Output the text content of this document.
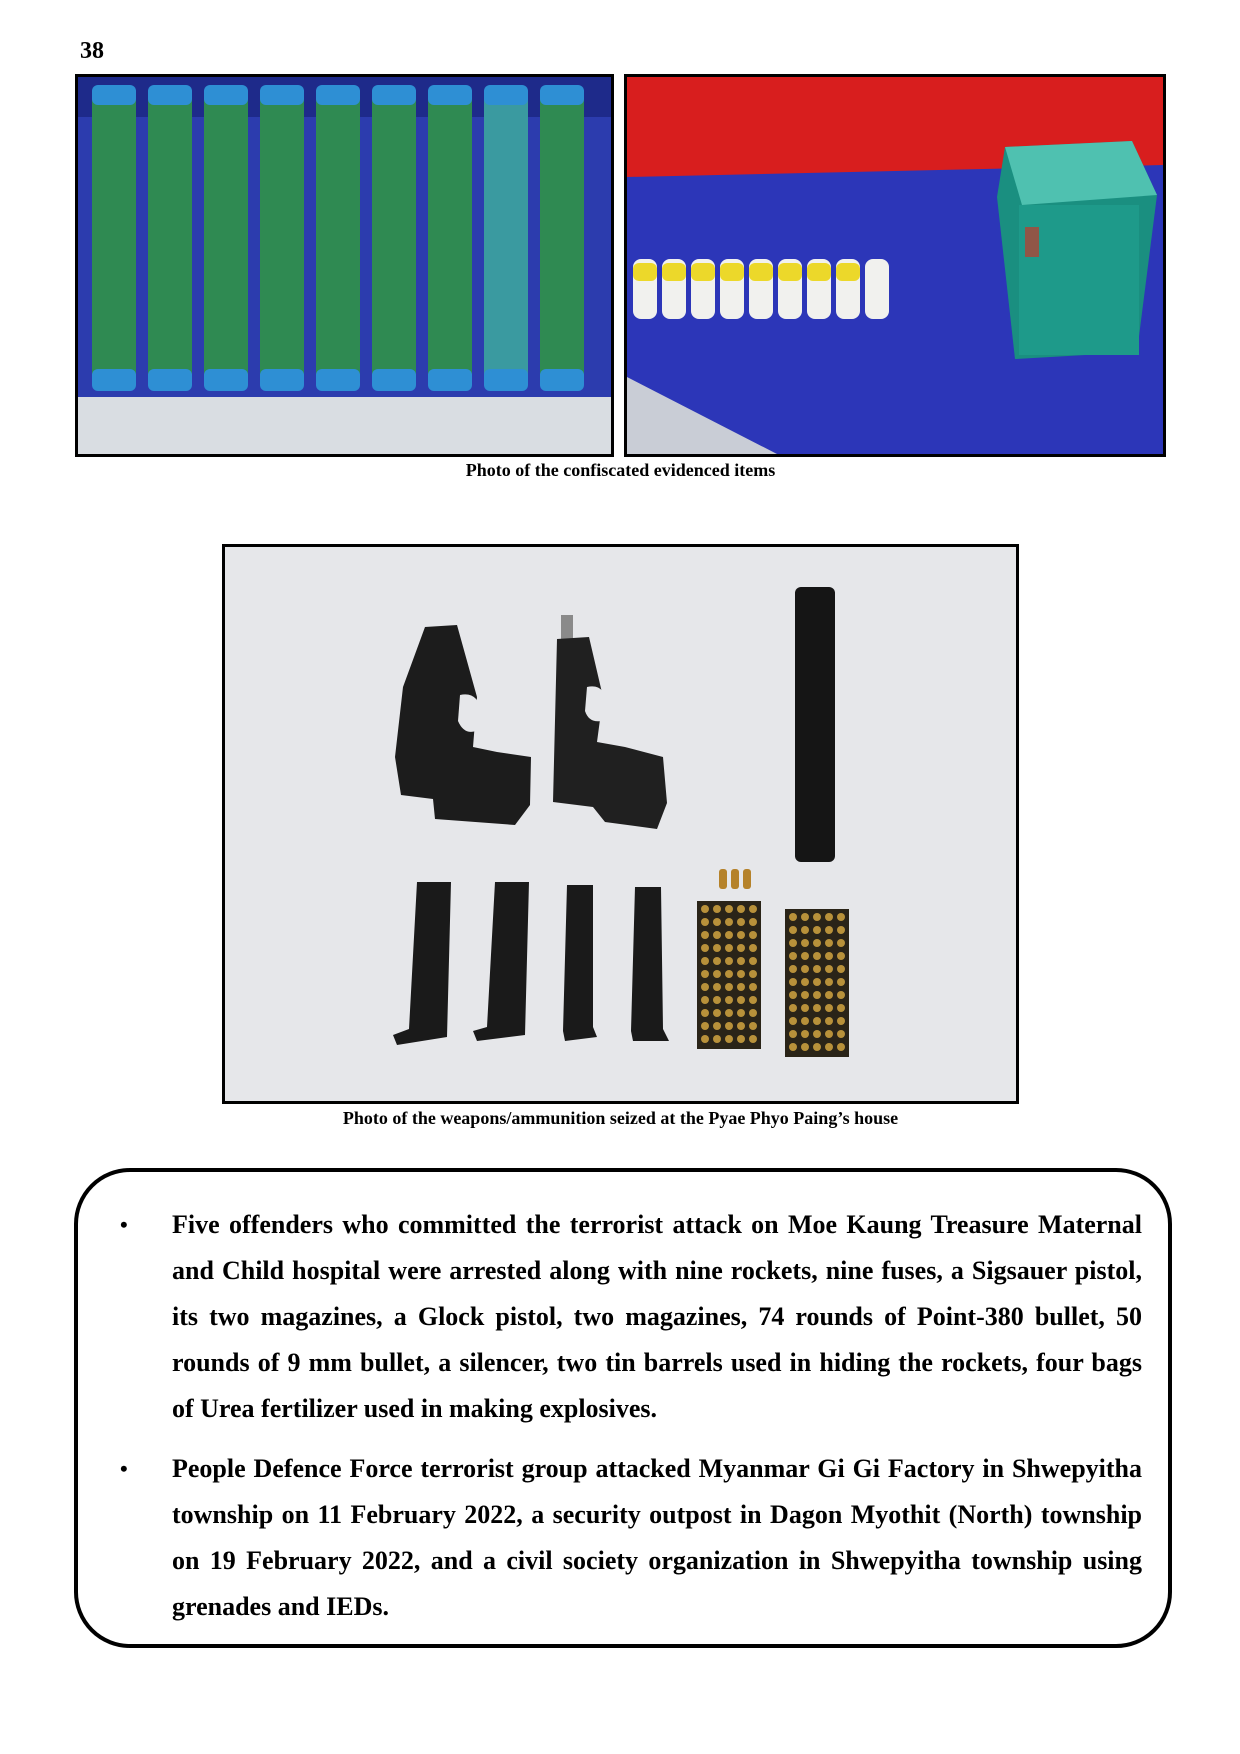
38
Photo of the confiscated evidenced items
Photo of the weapons/ammunition seized at the Pyae Phyo Paing’s house
• Five offenders who committed the terrorist attack on Moe Kaung Treasure Maternal and Child hospital were arrested along with nine rockets, nine fuses, a Sigsauer pistol, its two magazines, a Glock pistol, two magazines, 74 rounds of Point-380 bullet, 50 rounds of 9 mm bullet, a silencer, two tin barrels used in hiding the rockets, four bags of Urea fertilizer used in making explosives.
• People Defence Force terrorist group attacked Myanmar Gi Gi Factory in Shwepyitha township on 11 February 2022, a security outpost in Dagon Myothit (North) township on 19 February 2022, and a civil society organization in Shwepyitha township using grenades and IEDs.
